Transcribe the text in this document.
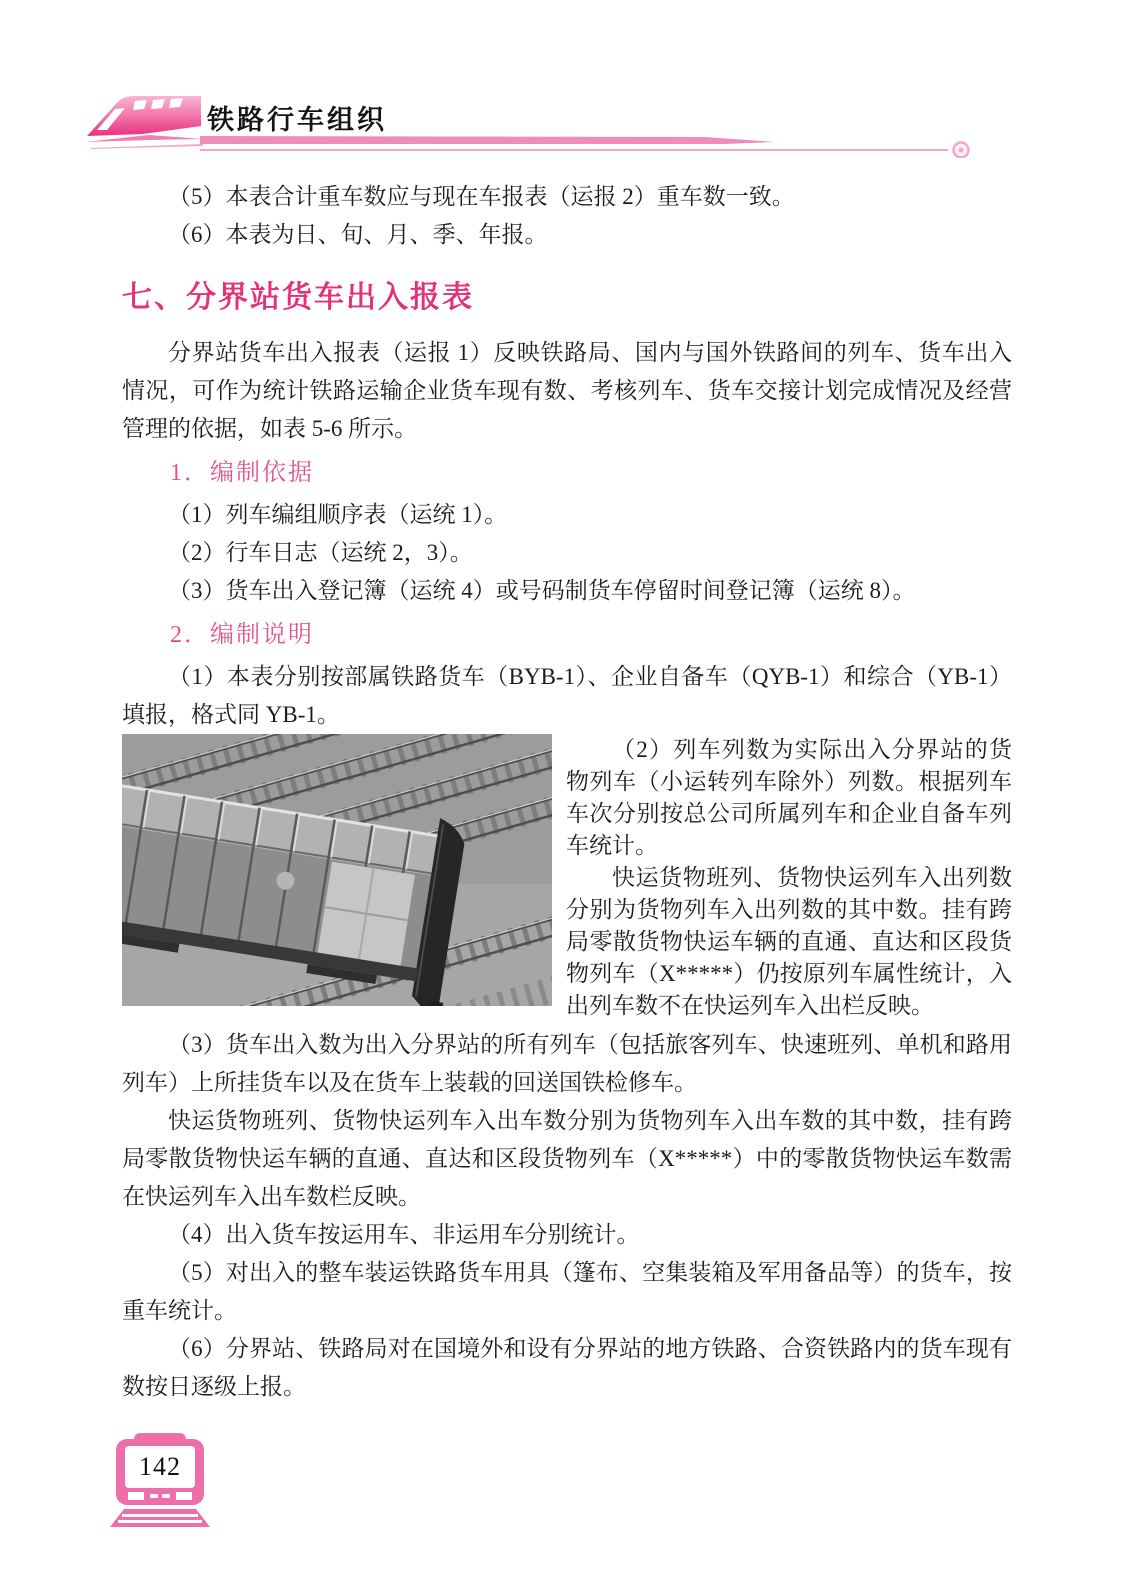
铁路行车组织

（5）本表合计重车数应与现在车报表（运报 2）重车数一致。

（6）本表为日、旬、月、季、年报。

七、分界站货车出入报表

分界站货车出入报表（运报 1）反映铁路局、国内与国外铁路间的列车、货车出入情况，可作为统计铁路运输企业货车现有数、考核列车、货车交接计划完成情况及经营管理的依据，如表 5-6 所示。

1．编制依据

（1）列车编组顺序表（运统 1）。

（2）行车日志（运统 2，3）。

（3）货车出入登记簿（运统 4）或号码制货车停留时间登记簿（运统 8）。

2．编制说明

（1）本表分别按部属铁路货车（BYB-1）、企业自备车（QYB-1）和综合（YB-1）填报，格式同 YB-1。

（2）列车列数为实际出入分界站的货物列车（小运转列车除外）列数。根据列车车次分别按总公司所属列车和企业自备车列车统计。

快运货物班列、货物快运列车入出列数分别为货物列车入出列数的其中数。挂有跨局零散货物快运车辆的直通、直达和区段货物列车（X*****）仍按原列车属性统计，入出列车数不在快运列车入出栏反映。

（3）货车出入数为出入分界站的所有列车（包括旅客列车、快速班列、单机和路用列车）上所挂货车以及在货车上装载的回送国铁检修车。

快运货物班列、货物快运列车入出车数分别为货物列车入出车数的其中数，挂有跨局零散货物快运车辆的直通、直达和区段货物列车（X*****）中的零散货物快运车数需在快运列车入出车数栏反映。

（4）出入货车按运用车、非运用车分别统计。

（5）对出入的整车装运铁路货车用具（篷布、空集装箱及军用备品等）的货车，按重车统计。

（6）分界站、铁路局对在国境外和设有分界站的地方铁路、合资铁路内的货车现有数按日逐级上报。

142
